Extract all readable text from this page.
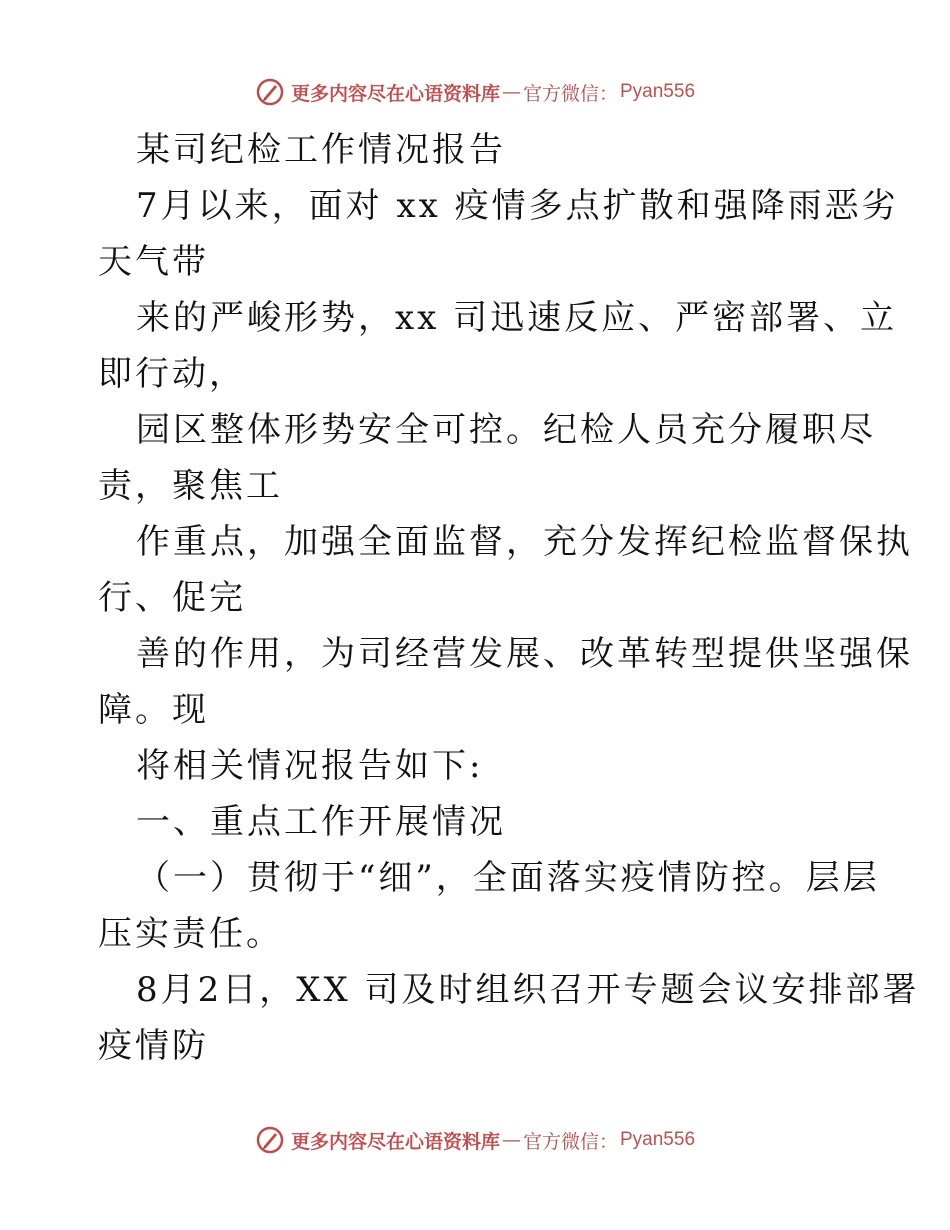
更多内容尽在心语资料库 — 官方微信： Pyan556
某司纪检工作情况报告
7月以来，面对 xx 疫情多点扩散和强降雨恶劣
天气带
来的严峻形势，xx 司迅速反应、严密部署、立
即行动，
园区整体形势安全可控。纪检人员充分履职尽
责，聚焦工
作重点，加强全面监督，充分发挥纪检监督保执
行、促完
善的作用，为司经营发展、改革转型提供坚强保
障。现
将相关情况报告如下:
一、重点工作开展情况
（一）贯彻于“细”，全面落实疫情防控。层层
压实责任。
8月2日，XX 司及时组织召开专题会议安排部署
疫情防
更多内容尽在心语资料库 — 官方微信： Pyan556
